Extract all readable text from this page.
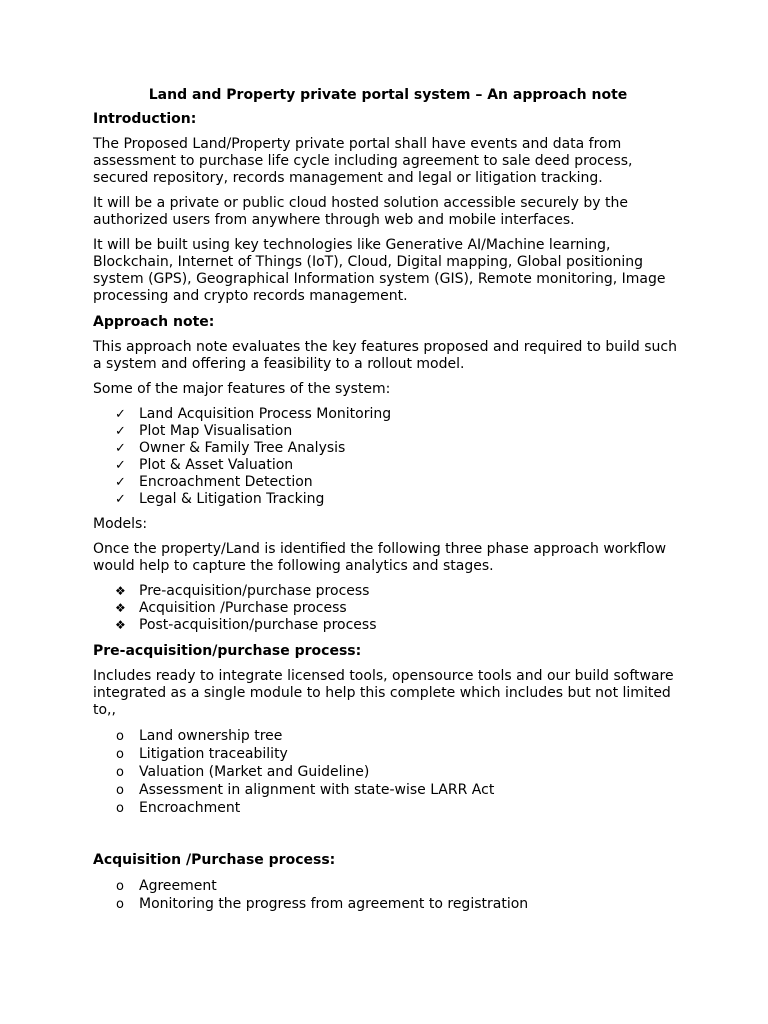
Land and Property private portal system – An approach note
Introduction:
The Proposed Land/Property private portal shall have events and data from assessment to purchase life cycle including agreement to sale deed process, secured repository, records management and legal or litigation tracking.
It will be a private or public cloud hosted solution accessible securely by the authorized users from anywhere through web and mobile interfaces.
It will be built using key technologies like Generative AI/Machine learning, Blockchain, Internet of Things (IoT), Cloud, Digital mapping, Global positioning system (GPS), Geographical Information system (GIS), Remote monitoring, Image processing and crypto records management.
Approach note:
This approach note evaluates the key features proposed and required to build such a system and offering a feasibility to a rollout model.
Some of the major features of the system:
✓ Land Acquisition Process Monitoring
✓ Plot Map Visualisation
✓ Owner & Family Tree Analysis
✓ Plot & Asset Valuation
✓ Encroachment Detection
✓ Legal & Litigation Tracking
Models:
Once the property/Land is identified the following three phase approach workflow would help to capture the following analytics and stages.
❖ Pre-acquisition/purchase process
❖ Acquisition /Purchase process
❖ Post-acquisition/purchase process
Pre-acquisition/purchase process:
Includes ready to integrate licensed tools, opensource tools and our build software integrated as a single module to help this complete which includes but not limited to,,
o	Land ownership tree
o	Litigation traceability
o	Valuation (Market and Guideline)
o	Assessment in alignment with state-wise LARR Act
o	Encroachment
Acquisition /Purchase process:
o	Agreement
o	Monitoring the progress from agreement to registration
